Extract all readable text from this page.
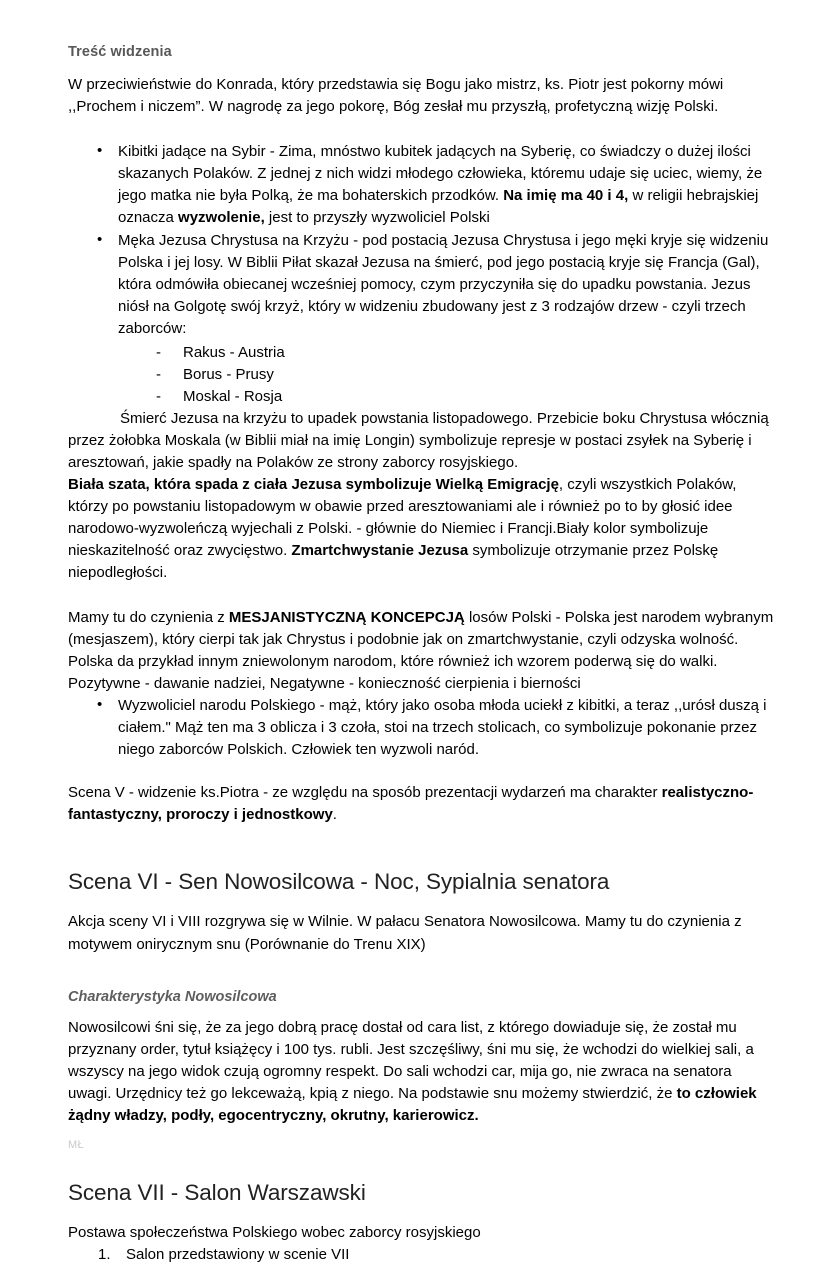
Treść widzenia

W przeciwieństwie do Konrada, który przedstawia się Bogu jako mistrz, ks. Piotr jest pokorny mówi ,,Prochem i niczem”. W nagrodę za jego pokorę, Bóg zesłał mu przyszłą, profetyczną wizję Polski.

• Kibitki jadące na Sybir - Zima, mnóstwo kubitek jadących na Syberię, co świadczy o dużej ilości skazanych Polaków. Z jednej z nich widzi młodego człowieka, któremu udaje się uciec, wiemy, że jego matka nie była Polką, że ma bohaterskich przodków. Na imię ma 40 i 4, w religii hebrajskiej oznacza wyzwolenie, jest to przyszły wyzwoliciel Polski
• Męka Jezusa Chrystusa na Krzyżu - pod postacią Jezusa Chrystusa i jego męki kryje się widzeniu Polska i jej losy. W Biblii Piłat skazał Jezusa na śmierć, pod jego postacią kryje się Francja (Gal), która odmówiła obiecanej wcześniej pomocy, czym przyczyniła się do upadku powstania. Jezus niósł na Golgotę swój krzyż, który w widzeniu zbudowany jest z 3 rodzajów drzew - czyli trzech zaborców:
- Rakus - Austria
- Borus - Prusy
- Moskal - Rosja

Śmierć Jezusa na krzyżu to upadek powstania listopadowego. Przebicie boku Chrystusa włócznią przez żołobka Moskala (w Biblii miał na imię Longin) symbolizuje represje w postaci zsyłek na Syberię i aresztowań, jakie spadły na Polaków ze strony zaborcy rosyjskiego.

Biała szata, która spada z ciała Jezusa symbolizuje Wielką Emigrację, czyli wszystkich Polaków, którzy po powstaniu listopadowym w obawie przed aresztowaniami ale i również po to by głosić idee narodowo-wyzwoleńczą wyjechali z Polski. - głównie do Niemiec i Francji.Biały kolor symbolizuje nieskazitelność oraz zwycięstwo. Zmartchwystanie Jezusa symbolizuje otrzymanie przez Polskę niepodległości.

Mamy tu do czynienia z MESJANISTYCZNĄ KONCEPCJĄ losów Polski - Polska jest narodem wybranym (mesjaszem), który cierpi tak jak Chrystus i podobnie jak on zmartchwystanie, czyli odzyska wolność. Polska da przykład innym zniewolonym narodom, które również ich wzorem poderwą się do walki. Pozytywne - dawanie nadziei, Negatywne - konieczność cierpienia i bierności

• Wyzwoliciel narodu Polskiego - mąż, który jako osoba młoda uciekł z kibitki, a teraz ,,urósł duszą i ciałem." Mąż ten ma 3 oblicza i 3 czoła, stoi na trzech stolicach, co symbolizuje pokonanie przez niego zaborców Polskich. Człowiek ten wyzwoli naród.

Scena V - widzenie ks.Piotra - ze względu na sposób prezentacji wydarzeń ma charakter realistyczno-fantastyczny, proroczy i jednostkowy.

Scena VI - Sen Nowosilcowa - Noc, Sypialnia senatora

Akcja sceny VI i VIII rozgrywa się w Wilnie. W pałacu Senatora Nowosilcowa. Mamy tu do czynienia z motywem onirycznym snu (Porównanie do Trenu XIX)

Charakterystyka Nowosilcowa

Nowosilcowi śni się, że za jego dobrą pracę dostał od cara list, z którego dowiaduje się, że został mu przyznany order, tytuł książęcy i 100 tys. rubli. Jest szczęśliwy, śni mu się, że wchodzi do wielkiej sali, a wszyscy na jego widok czują ogromny respekt. Do sali wchodzi car, mija go, nie zwraca na senatora uwagi. Urzędnicy też go lekceważą, kpią z niego. Na podstawie snu możemy stwierdzić, że to człowiek żądny władzy, podły, egocentryczny, okrutny, karierowicz.

Scena VII - Salon Warszawski

Postawa społeczeństwa Polskiego wobec zaborcy rosyjskiego

Salon przedstawiony w scenie VII
MŁ
